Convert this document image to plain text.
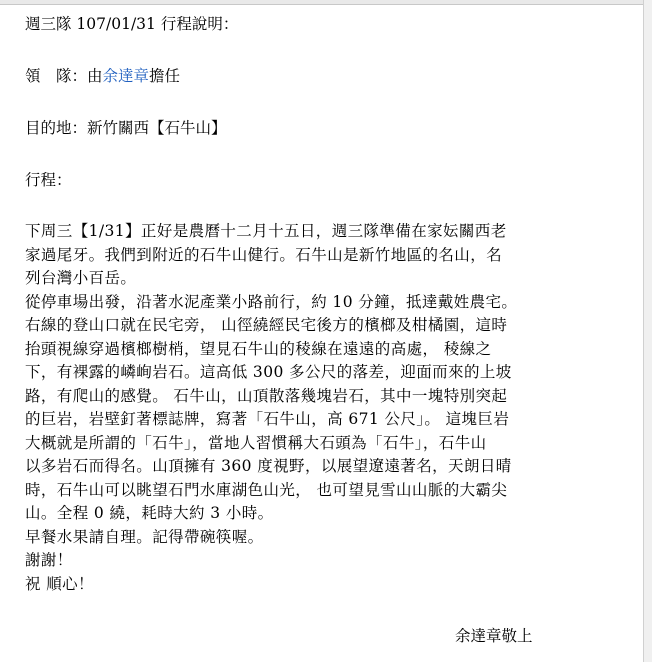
週三隊 107/01/31 行程說明：
領　隊：由余達章擔任
目的地：新竹關西【石牛山】
行程：
下周三【1/31】正好是農曆十二月十五日，週三隊準備在家妘關西老
家過尾牙。我們到附近的石牛山健行。石牛山是新竹地區的名山，名
列台灣小百岳。
從停車場出發，沿著水泥產業小路前行，約 10 分鐘，抵達戴姓農宅。
右線的登山口就在民宅旁， 山徑繞經民宅後方的檳榔及柑橘園，這時
抬頭視線穿過檳榔樹梢，望見石牛山的稜線在遠遠的高處， 稜線之
下，有裸露的嶙峋岩石。這高低 300 多公尺的落差，迎面而來的上坡
路，有爬山的感覺。 石牛山，山頂散落幾塊岩石，其中一塊特別突起
的巨岩，岩壁釘著標誌牌，寫著「石牛山，高 671 公尺」。 這塊巨岩
大概就是所謂的「石牛」，當地人習慣稱大石頭為「石牛」，石牛山
以多岩石而得名。山頂擁有 360 度視野，以展望遼遠著名，天朗日晴
時，石牛山可以眺望石門水庫湖色山光， 也可望見雪山山脈的大霸尖
山。全程 0 繞，耗時大約 3 小時。
早餐水果請自理。記得帶碗筷喔。
謝謝！
祝 順心！
余達章敬上
